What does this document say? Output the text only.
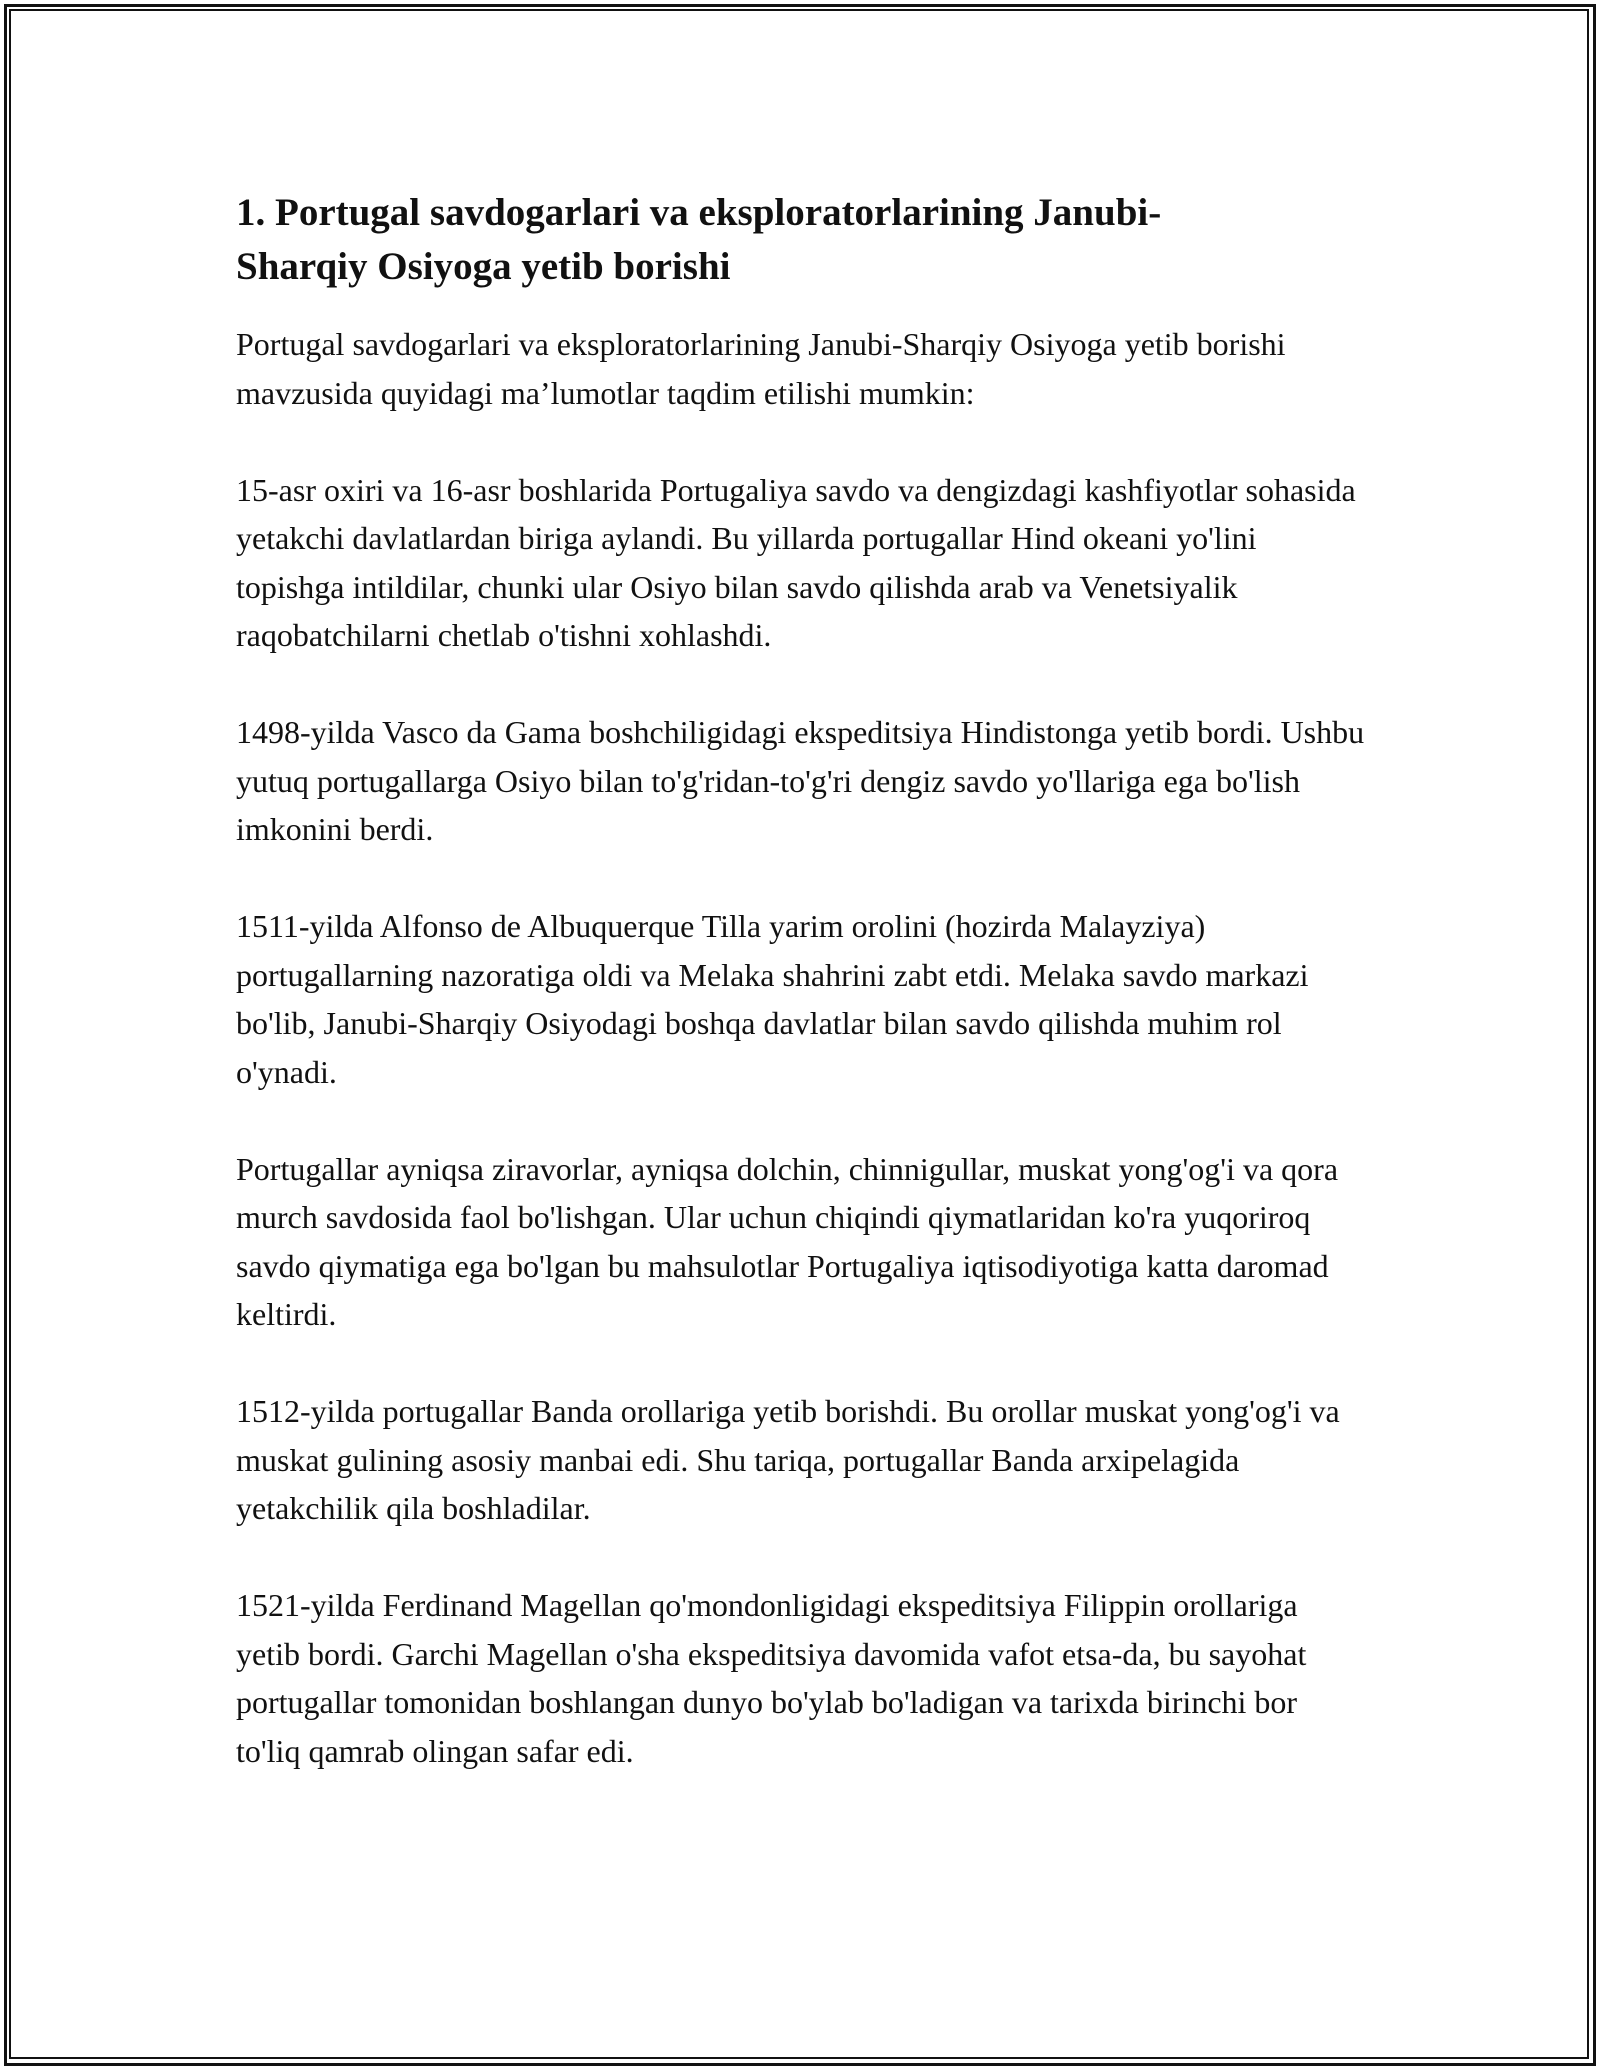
1. Portugal savdogarlari va eksploratorlarining Janubi-
Sharqiy Osiyoga yetib borishi

Portugal savdogarlari va eksploratorlarining Janubi-Sharqiy Osiyoga yetib borishi mavzusida quyidagi ma’lumotlar taqdim etilishi mumkin:

15-asr oxiri va 16-asr boshlarida Portugaliya savdo va dengizdagi kashfiyotlar sohasida yetakchi davlatlardan biriga aylandi. Bu yillarda portugallar Hind okeani yo'lini topishga intildilar, chunki ular Osiyo bilan savdo qilishda arab va Venetsiyalik raqobatchilarni chetlab o'tishni xohlashdi.

1498-yilda Vasco da Gama boshchiligidagi ekspeditsiya Hindistonga yetib bordi. Ushbu yutuq portugallarga Osiyo bilan to'g'ridan-to'g'ri dengiz savdo yo'llariga ega bo'lish imkonini berdi.

1511-yilda Alfonso de Albuquerque Tilla yarim orolini (hozirda Malayziya) portugallarning nazoratiga oldi va Melaka shahrini zabt etdi. Melaka savdo markazi bo'lib, Janubi-Sharqiy Osiyodagi boshqa davlatlar bilan savdo qilishda muhim rol o'ynadi.

Portugallar ayniqsa ziravorlar, ayniqsa dolchin, chinnigullar, muskat yong'og'i va qora murch savdosida faol bo'lishgan. Ular uchun chiqindi qiymatlaridan ko'ra yuqoriroq savdo qiymatiga ega bo'lgan bu mahsulotlar Portugaliya iqtisodiyotiga katta daromad keltirdi.

1512-yilda portugallar Banda orollariga yetib borishdi. Bu orollar muskat yong'og'i va muskat gulining asosiy manbai edi. Shu tariqa, portugallar Banda arxipelagida yetakchilik qila boshladilar.

1521-yilda Ferdinand Magellan qo'mondonligidagi ekspeditsiya Filippin orollariga yetib bordi. Garchi Magellan o'sha ekspeditsiya davomida vafot etsa-da, bu sayohat portugallar tomonidan boshlangan dunyo bo'ylab bo'ladigan va tarixda birinchi bor to'liq qamrab olingan safar edi.
